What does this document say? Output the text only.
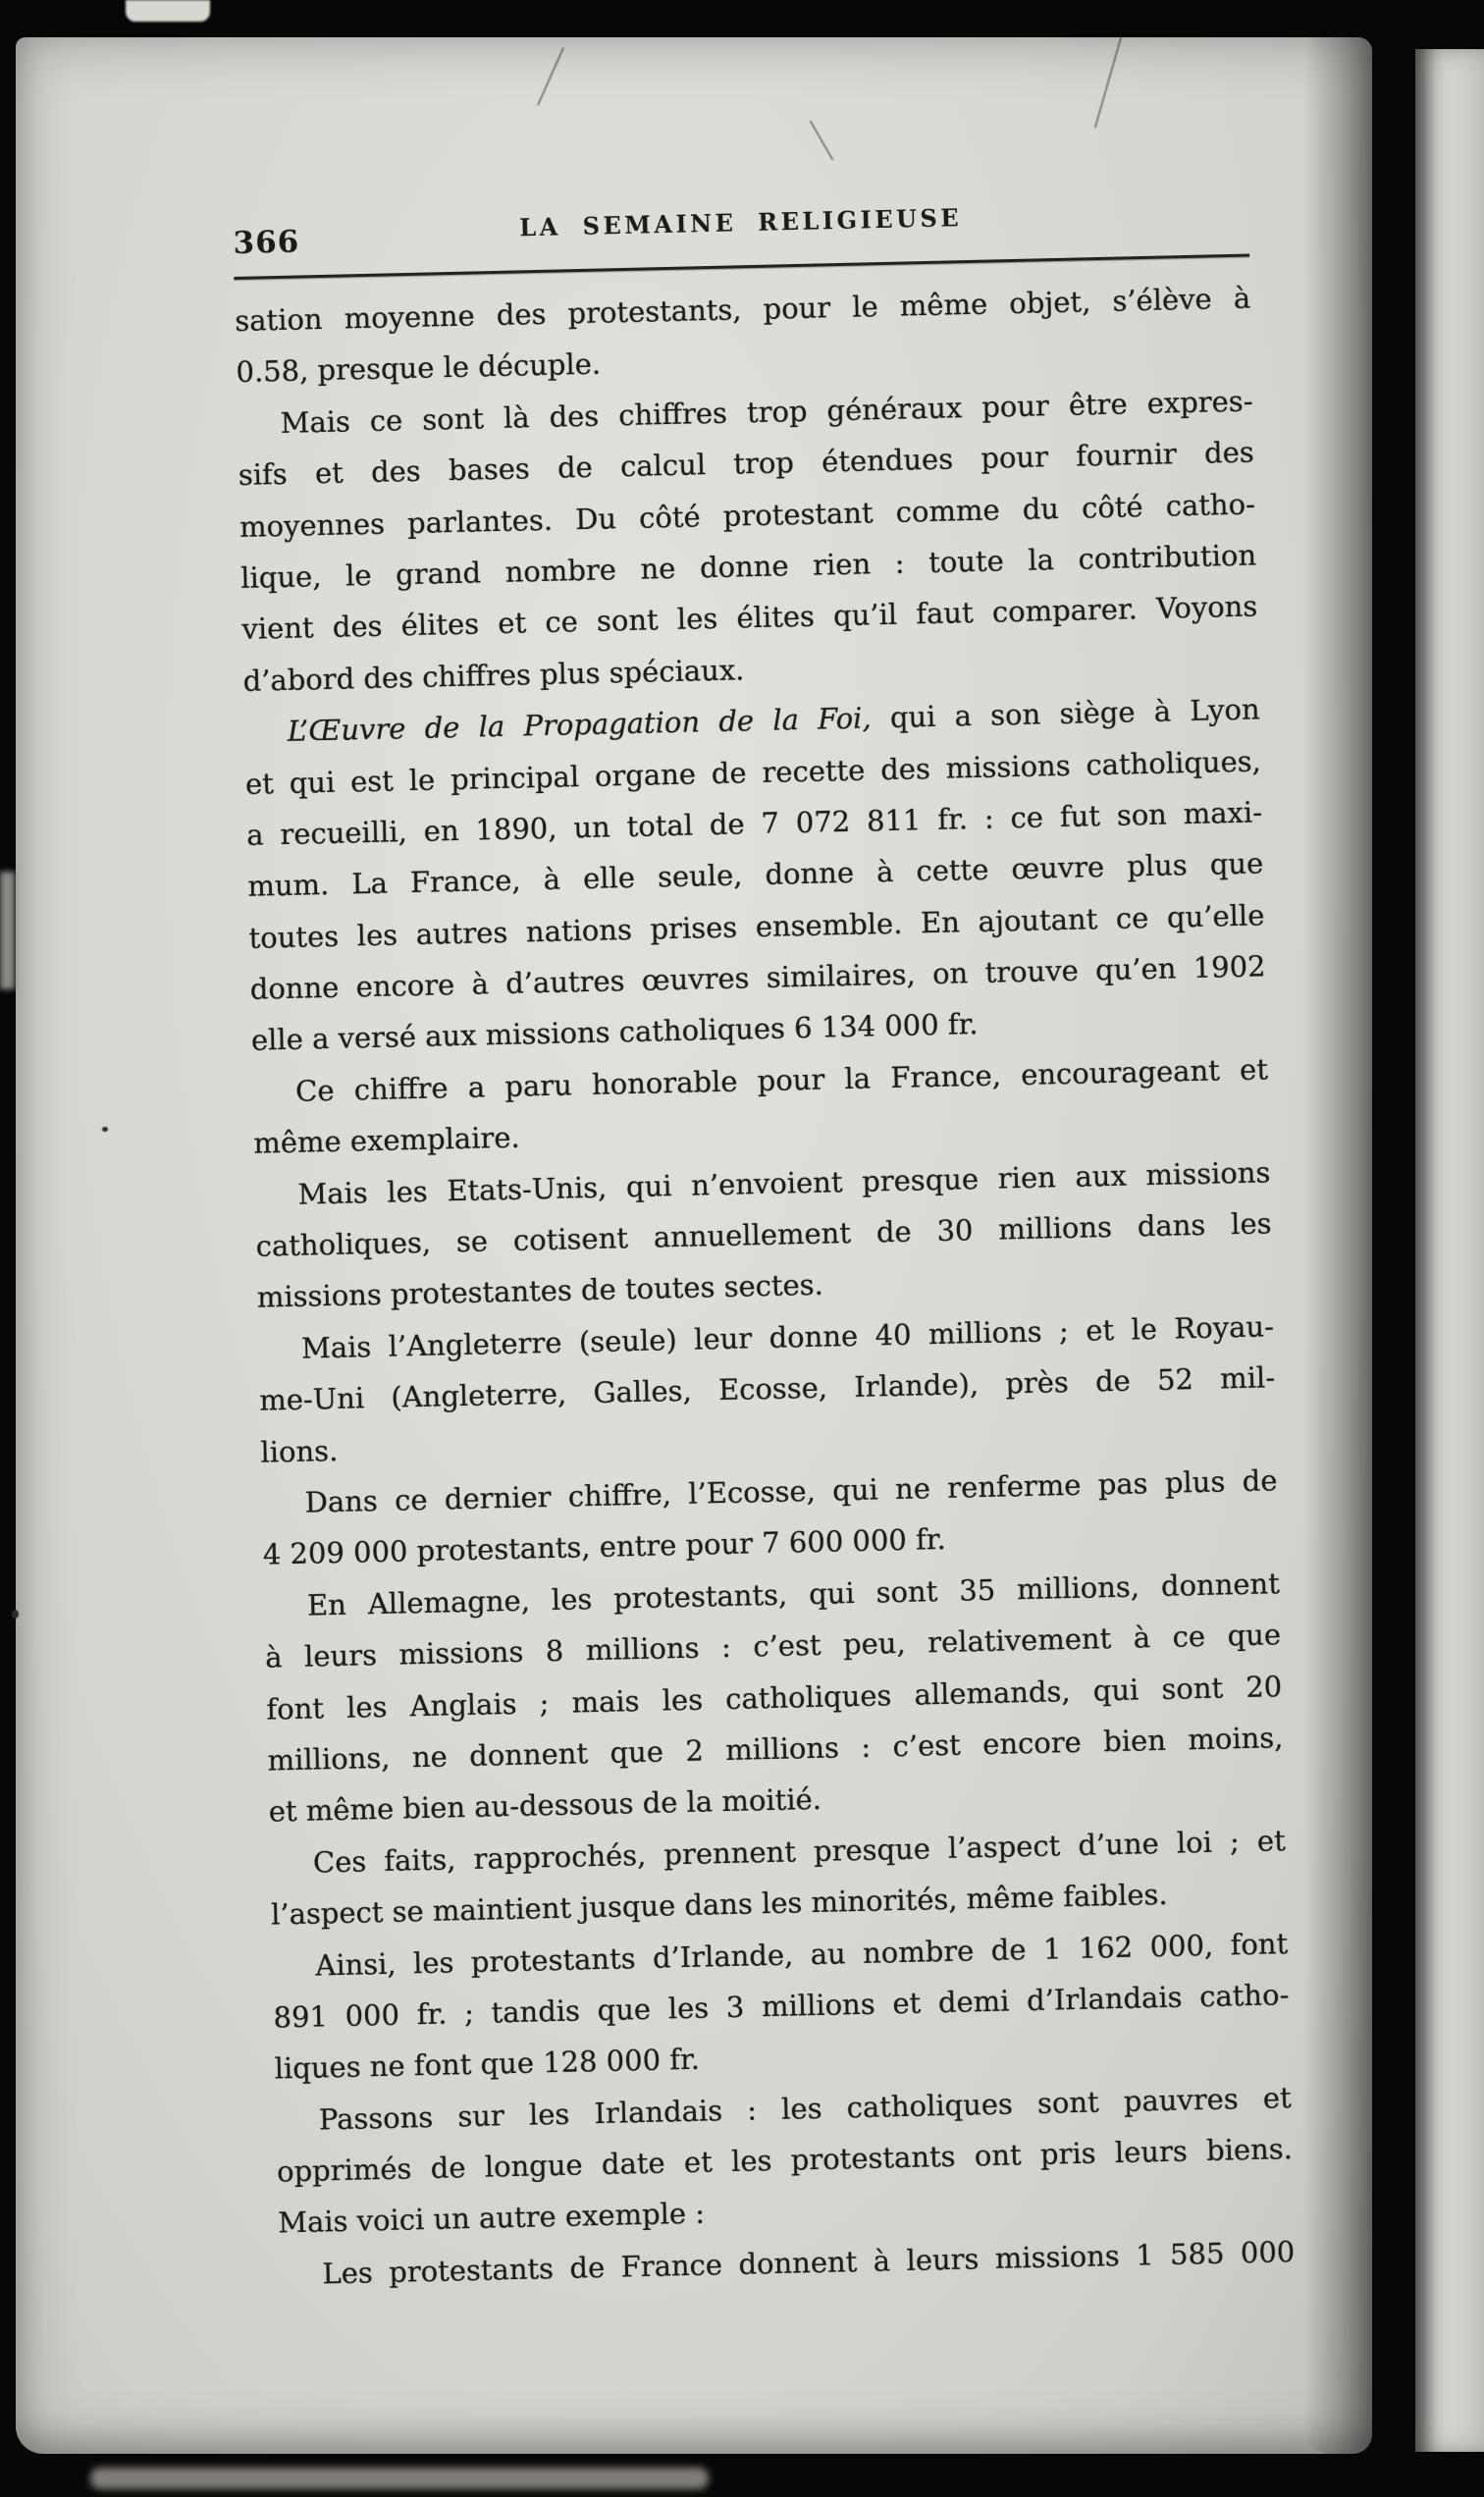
366
LA SEMAINE RELIGIEUSE
sation moyenne des protestants, pour le même objet, s’élève à
0.58, presque le décuple.
Mais ce sont là des chiffres trop généraux pour être expres-
sifs et des bases de calcul trop étendues pour fournir des
moyennes parlantes. Du côté protestant comme du côté catho-
lique, le grand nombre ne donne rien : toute la contribution
vient des élites et ce sont les élites qu’il faut comparer. Voyons
d’abord des chiffres plus spéciaux.
L’Œuvre de la Propagation de la Foi, qui a son siège à Lyon
et qui est le principal organe de recette des missions catholiques,
a recueilli, en 1890, un total de 7 072 811 fr. : ce fut son maxi-
mum. La France, à elle seule, donne à cette œuvre plus que
toutes les autres nations prises ensemble. En ajoutant ce qu’elle
donne encore à d’autres œuvres similaires, on trouve qu’en 1902
elle a versé aux missions catholiques 6 134 000 fr.
Ce chiffre a paru honorable pour la France, encourageant et
même exemplaire.
Mais les Etats-Unis, qui n’envoient presque rien aux missions
catholiques, se cotisent annuellement de 30 millions dans les
missions protestantes de toutes sectes.
Mais l’Angleterre (seule) leur donne 40 millions ; et le Royau-
me-Uni (Angleterre, Galles, Ecosse, Irlande), près de 52 mil-
lions.
Dans ce dernier chiffre, l’Ecosse, qui ne renferme pas plus de
4 209 000 protestants, entre pour 7 600 000 fr.
En Allemagne, les protestants, qui sont 35 millions, donnent
à leurs missions 8 millions : c’est peu, relativement à ce que
font les Anglais ; mais les catholiques allemands, qui sont 20
millions, ne donnent que 2 millions : c’est encore bien moins,
et même bien au-dessous de la moitié.
Ces faits, rapprochés, prennent presque l’aspect d’une loi ; et
l’aspect se maintient jusque dans les minorités, même faibles.
Ainsi, les protestants d’Irlande, au nombre de 1 162 000, font
891 000 fr. ; tandis que les 3 millions et demi d’Irlandais catho-
liques ne font que 128 000 fr.
Passons sur les Irlandais : les catholiques sont pauvres et
opprimés de longue date et les protestants ont pris leurs biens.
Mais voici un autre exemple :
Les protestants de France donnent à leurs missions 1 585 000
